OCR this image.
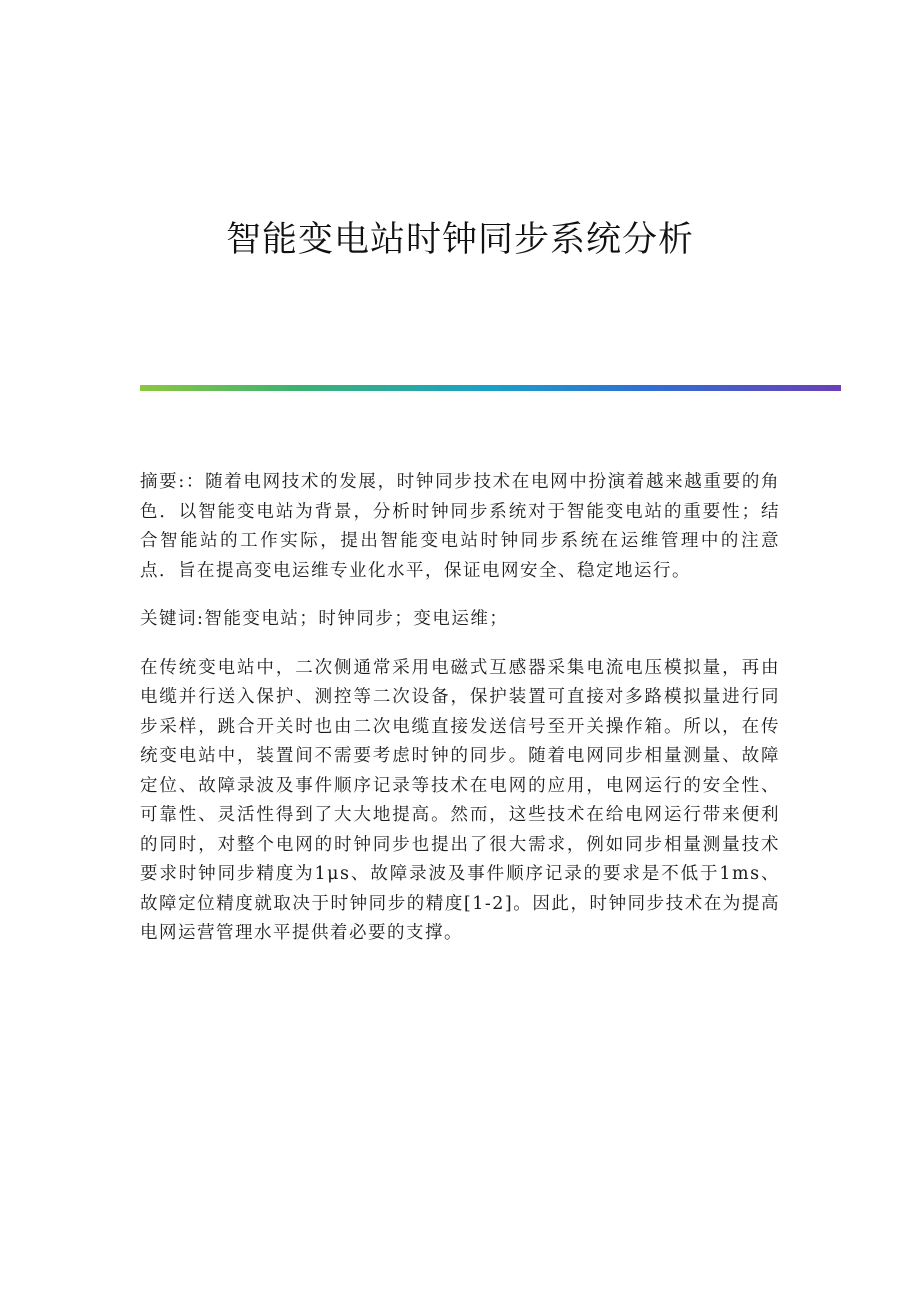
智能变电站时钟同步系统分析

摘要:：随着电网技术的发展，时钟同步技术在电网中扮演着越来越重要的角色．以智能变电站为背景，分析时钟同步系统对于智能变电站的重要性；结合智能站的工作实际，提出智能变电站时钟同步系统在运维管理中的注意点．旨在提高变电运维专业化水平，保证电网安全、稳定地运行。

关键词:智能变电站；时钟同步；变电运维；

在传统变电站中，二次侧通常采用电磁式互感器采集电流电压模拟量，再由电缆并行送入保护、测控等二次设备，保护装置可直接对多路模拟量进行同步采样，跳合开关时也由二次电缆直接发送信号至开关操作箱。所以，在传统变电站中，装置间不需要考虑时钟的同步。随着电网同步相量测量、故障定位、故障录波及事件顺序记录等技术在电网的应用，电网运行的安全性、可靠性、灵活性得到了大大地提高。然而，这些技术在给电网运行带来便利的同时，对整个电网的时钟同步也提出了很大需求，例如同步相量测量技术要求时钟同步精度为1μs、故障录波及事件顺序记录的要求是不低于1ms、故障定位精度就取决于时钟同步的精度[1-2]。因此，时钟同步技术在为提高电网运营管理水平提供着必要的支撑。
